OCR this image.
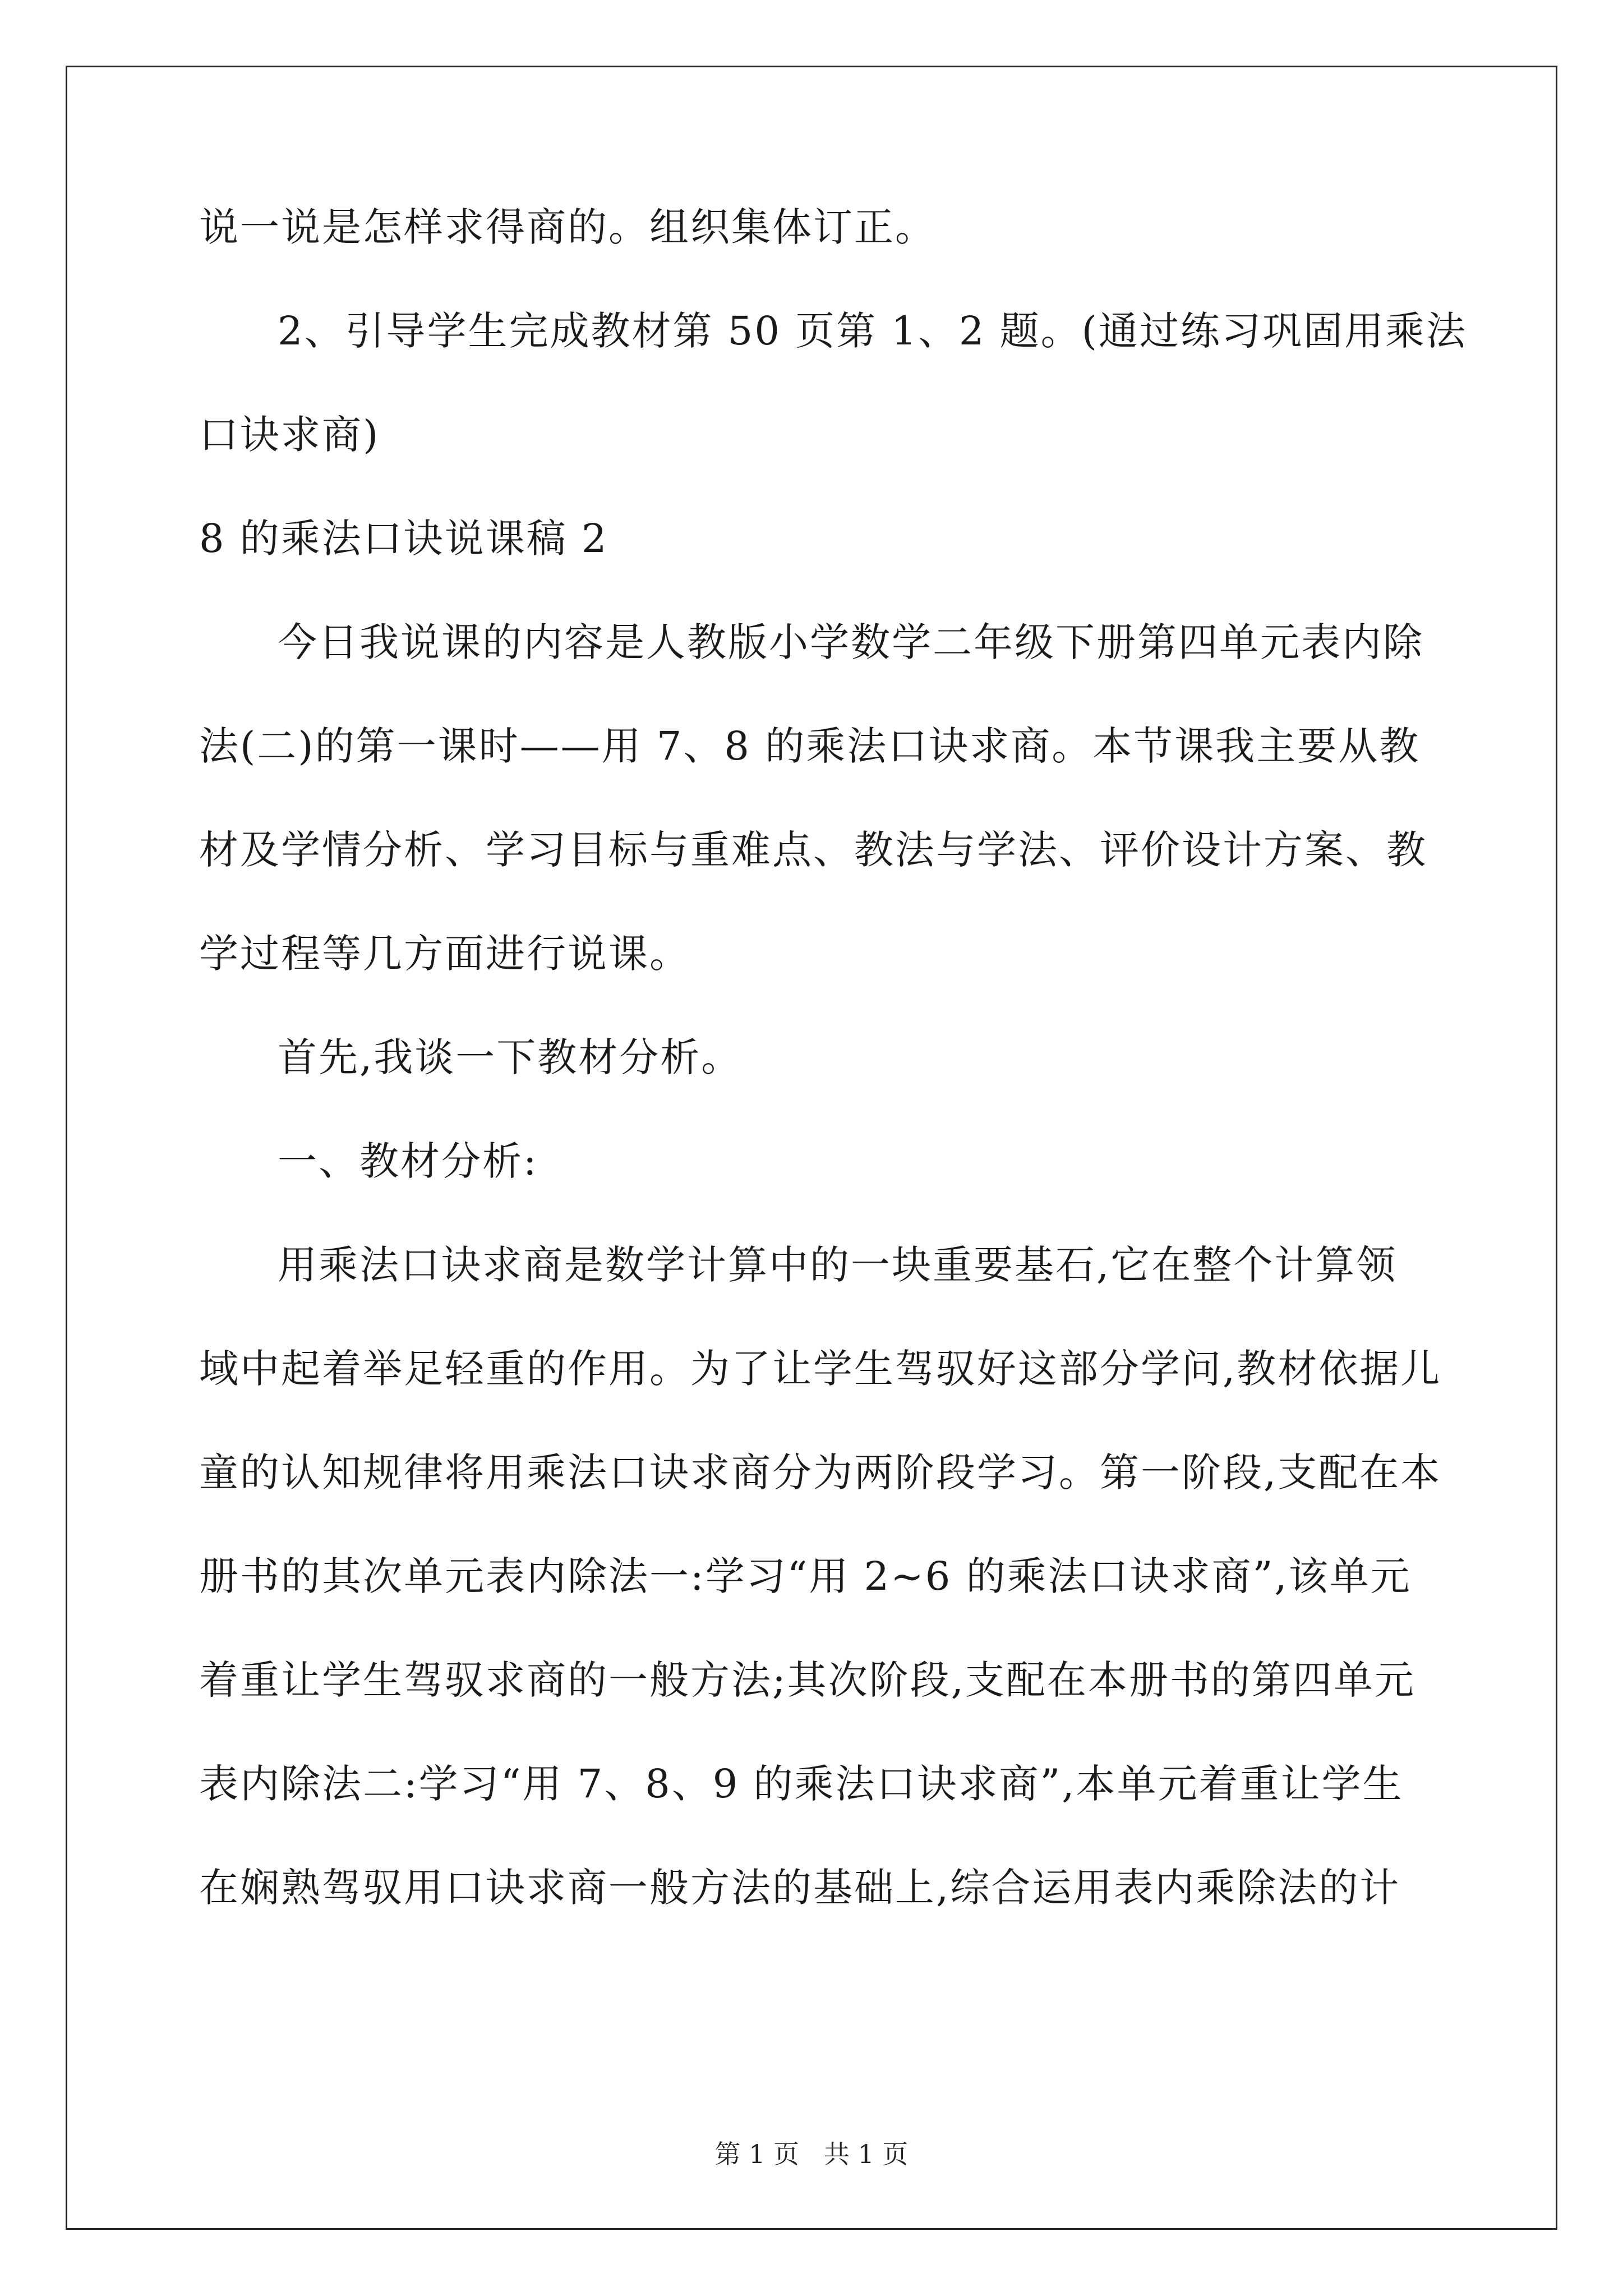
说一说是怎样求得商的。组织集体订正。
2、引导学生完成教材第 50 页第 1、2 题。(通过练习巩固用乘法
口诀求商)
8 的乘法口诀说课稿 2
今日我说课的内容是人教版小学数学二年级下册第四单元表内除
法(二)的第一课时——用 7、8 的乘法口诀求商。本节课我主要从教
材及学情分析、学习目标与重难点、教法与学法、评价设计方案、教
学过程等几方面进行说课。
首先,我谈一下教材分析。
一、教材分析:
用乘法口诀求商是数学计算中的一块重要基石,它在整个计算领
域中起着举足轻重的作用。为了让学生驾驭好这部分学问,教材依据儿
童的认知规律将用乘法口诀求商分为两阶段学习。第一阶段,支配在本
册书的其次单元表内除法一:学习“用 2~6 的乘法口诀求商”,该单元
着重让学生驾驭求商的一般方法;其次阶段,支配在本册书的第四单元
表内除法二:学习“用 7、8、9 的乘法口诀求商”,本单元着重让学生
在娴熟驾驭用口诀求商一般方法的基础上,综合运用表内乘除法的计
第 1 页   共 1 页
